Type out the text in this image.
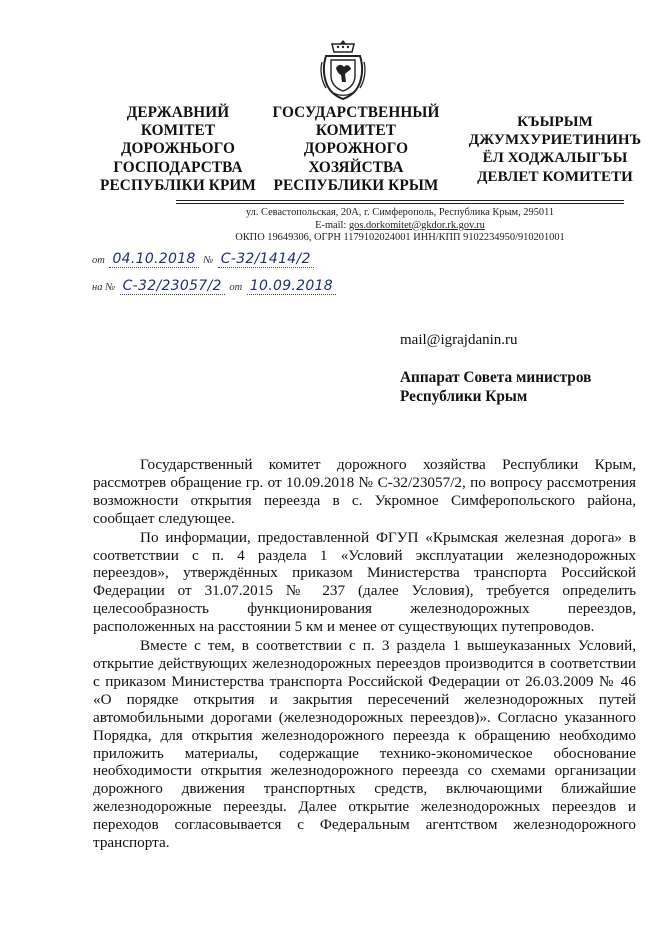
ДЕРЖАВНИЙ
КОМІТЕТ
ДОРОЖНЬОГО
ГОСПОДАРСТВА
РЕСПУБЛІКИ КРИМ
ГОСУДАРСТВЕННЫЙ
КОМИТЕТ
ДОРОЖНОГО
ХОЗЯЙСТВА
РЕСПУБЛИКИ КРЫМ
КЪЫРЫМ
ДЖУМХУРИЕТИНИНЪ
ЁЛ ХОДЖАЛЫГЪЫ
ДЕВЛЕТ КОМИТЕТИ
ул. Севастопольская, 20А, г. Симферополь, Республика Крым, 295011
E-mail: gos.dorkomitet@gkdor.rk.gov.ru
ОКПО 19649306, ОГРН 1179102024001 ИНН/КПП 9102234950/910201001
от 04.10.2018 № С-32/1414/2
на № С-32/23057/2 от 10.09.2018
mail@igrajdanin.ru
Аппарат Совета министров
Республики Крым

Государственный комитет дорожного хозяйства Республики Крым, рассмотрев обращение гр. от 10.09.2018 № С-32/23057/2, по вопросу рассмотрения возможности открытия переезда в с. Укромное Симферопольского района, сообщает следующее.

По информации, предоставленной ФГУП «Крымская железная дорога» в соответствии с п. 4 раздела 1 «Условий эксплуатации железнодорожных переездов», утверждённых приказом Министерства транспорта Российской Федерации от 31.07.2015 № 237 (далее Условия), требуется определить целесообразность функционирования железнодорожных переездов, расположенных на расстоянии 5 км и менее от существующих путепроводов.

Вместе с тем, в соответствии с п. 3 раздела 1 вышеуказанных Условий, открытие действующих железнодорожных переездов производится в соответствии с приказом Министерства транспорта Российской Федерации от 26.03.2009 № 46 «О порядке открытия и закрытия пересечений железнодорожных путей автомобильными дорогами (железнодорожных переездов)». Согласно указанного Порядка, для открытия железнодорожного переезда к обращению необходимо приложить материалы, содержащие технико-экономическое обоснование необходимости открытия железнодорожного переезда со схемами организации дорожного движения транспортных средств, включающими ближайшие железнодорожные переезды. Далее открытие железнодорожных переездов и переходов согласовывается с Федеральным агентством железнодорожного транспорта.
